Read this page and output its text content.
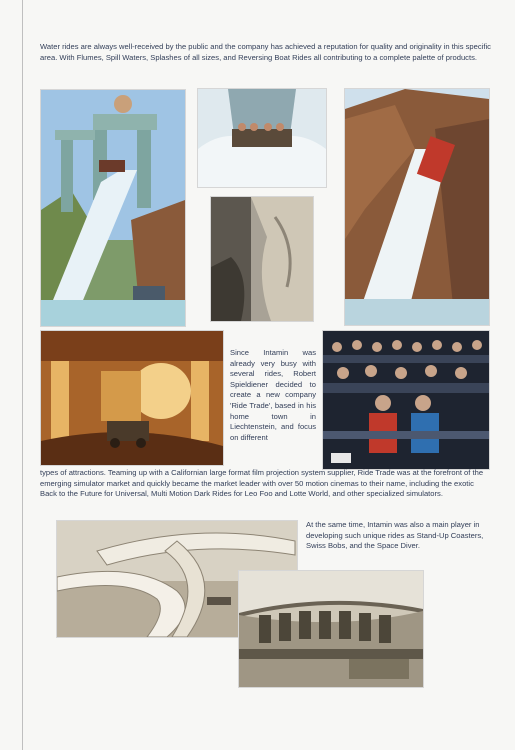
Water rides are always well-received by the public and the company has achieved a reputation for quality and originality in this specific area. With Flumes, Spill Waters, Splashes of all sizes, and Reversing Boat Rides all contributing to a complete palette of products.

Since Intamin was already very busy with several rides, Robert Spieldiener decided to create a new company 'Ride Trade', based in his home town in Liechtenstein, and focus on different

types of attractions. Teaming up with a Californian large format film projection system supplier, Ride Trade was at the forefront of the emerging simulator market and quickly became the market leader with over 50 motion cinemas to their name, including the exotic Back to the Future for Universal, Multi Motion Dark Rides for Leo Foo and Lotte World, and other specialized simulators.

At the same time, Intamin was also a main player in developing such unique rides as Stand-Up Coasters, Swiss Bobs, and the Space Diver.
